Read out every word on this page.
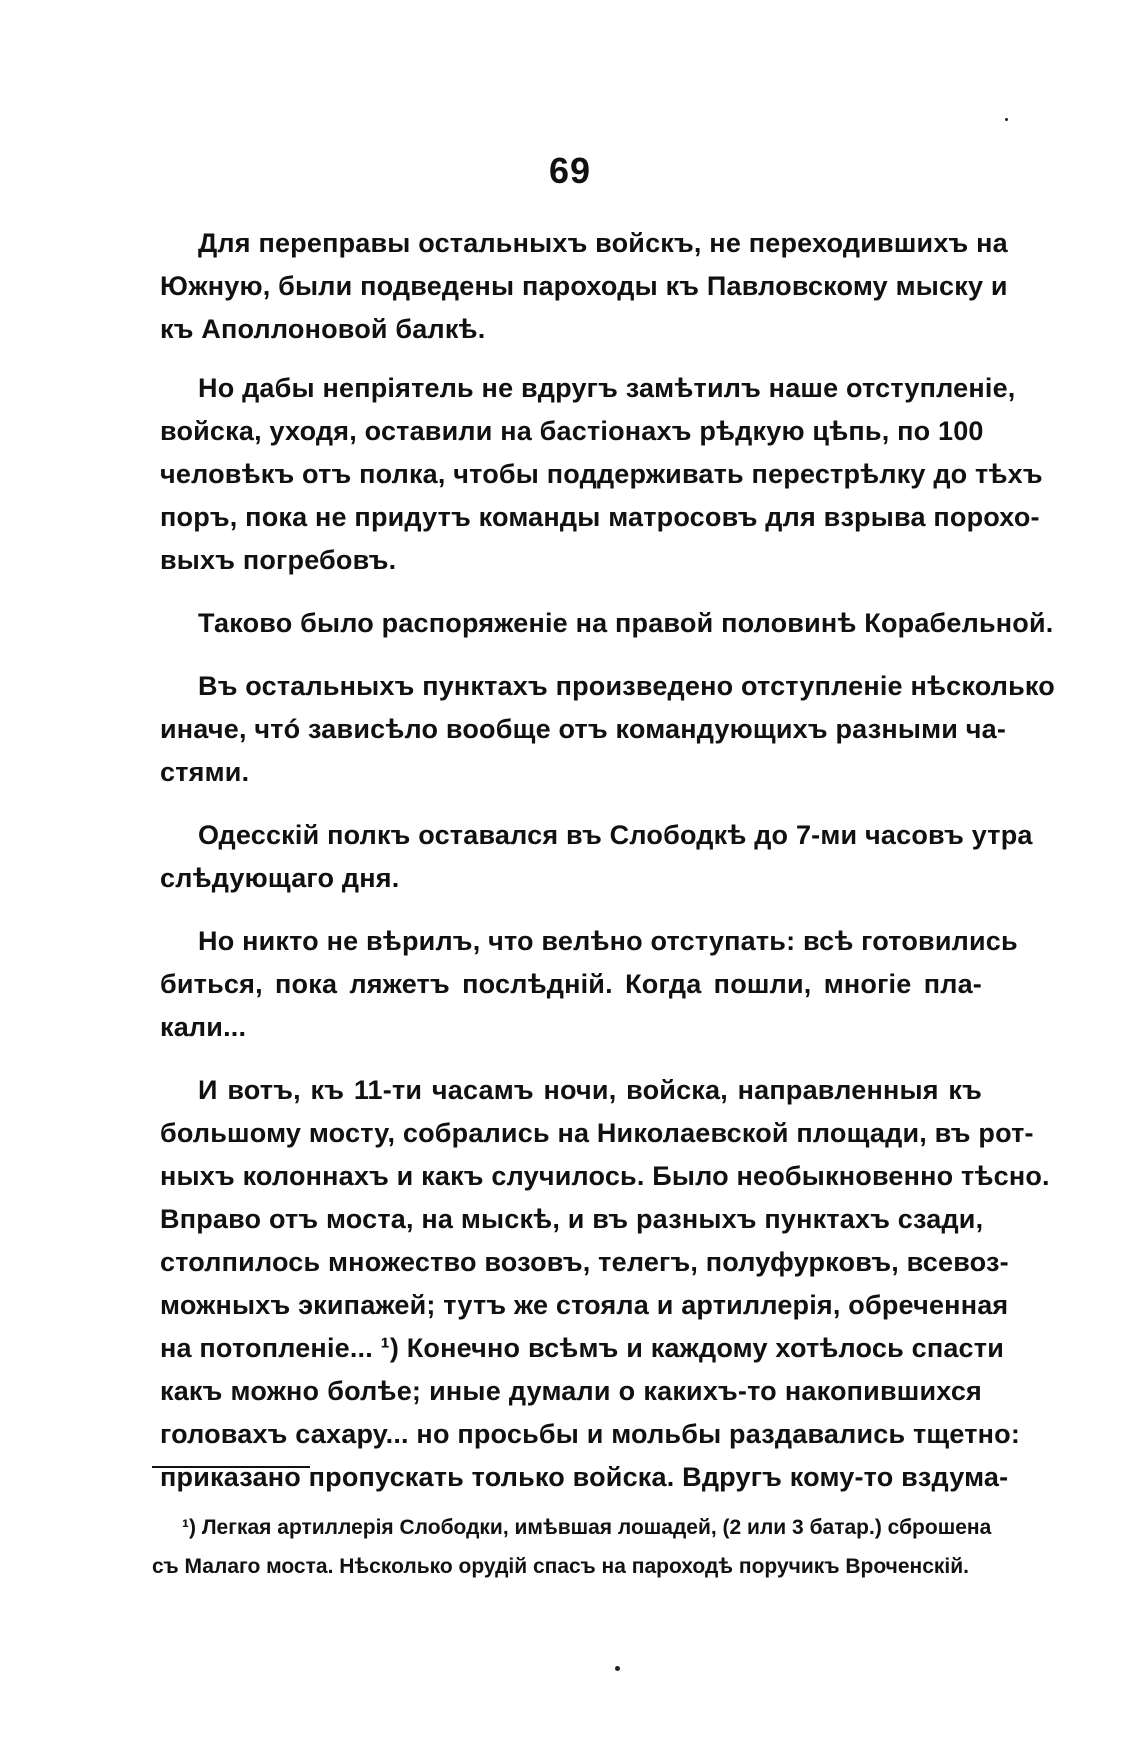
69
Для переправы остальныхъ войскъ, не переходившихъ на
Южную, были подведены пароходы къ Павловскому мыску и
къ Аполлоновой балкѣ.
Но дабы непріятель не вдругъ замѣтилъ наше отступленіе,
войска, уходя, оставили на бастіонахъ рѣдкую цѣпь, по 100
человѣкъ отъ полка, чтобы поддерживать перестрѣлку до тѣхъ
поръ, пока не придутъ команды матросовъ для взрыва порохо-
выхъ погребовъ.
Таково было распоряженіе на правой половинѣ Корабельной.
Въ остальныхъ пунктахъ произведено отступленіе нѣсколько
иначе, чтó зависѣло вообще отъ командующихъ разными ча-
стями.
Одесскій полкъ оставался въ Слободкѣ до 7-ми часовъ утра
слѣдующаго дня.
Но никто не вѣрилъ, что велѣно отступать: всѣ готовились
биться, пока ляжетъ послѣдній. Когда пошли, многіе пла-
кали...
И вотъ, къ 11-ти часамъ ночи, войска, направленныя къ
большому мосту, собрались на Николаевской площади, въ рот-
ныхъ колоннахъ и какъ случилось. Было необыкновенно тѣсно.
Вправо отъ моста, на мыскѣ, и въ разныхъ пунктахъ сзади,
столпилось множество возовъ, телегъ, полуфурковъ, всевоз-
можныхъ экипажей; тутъ же стояла и артиллерія, обреченная
на потопленіе... ¹) Конечно всѣмъ и каждому хотѣлось спасти
какъ можно болѣе; иные думали о какихъ-то накопившихся
головахъ сахару... но просьбы и мольбы раздавались тщетно:
приказано пропускать только войска. Вдругъ кому-то вздума-
¹) Легкая артиллерія Слободки, имѣвшая лошадей, (2 или 3 батар.) сброшена
съ Малаго моста. Нѣсколько орудій спасъ на пароходѣ поручикъ Вроченскій.
